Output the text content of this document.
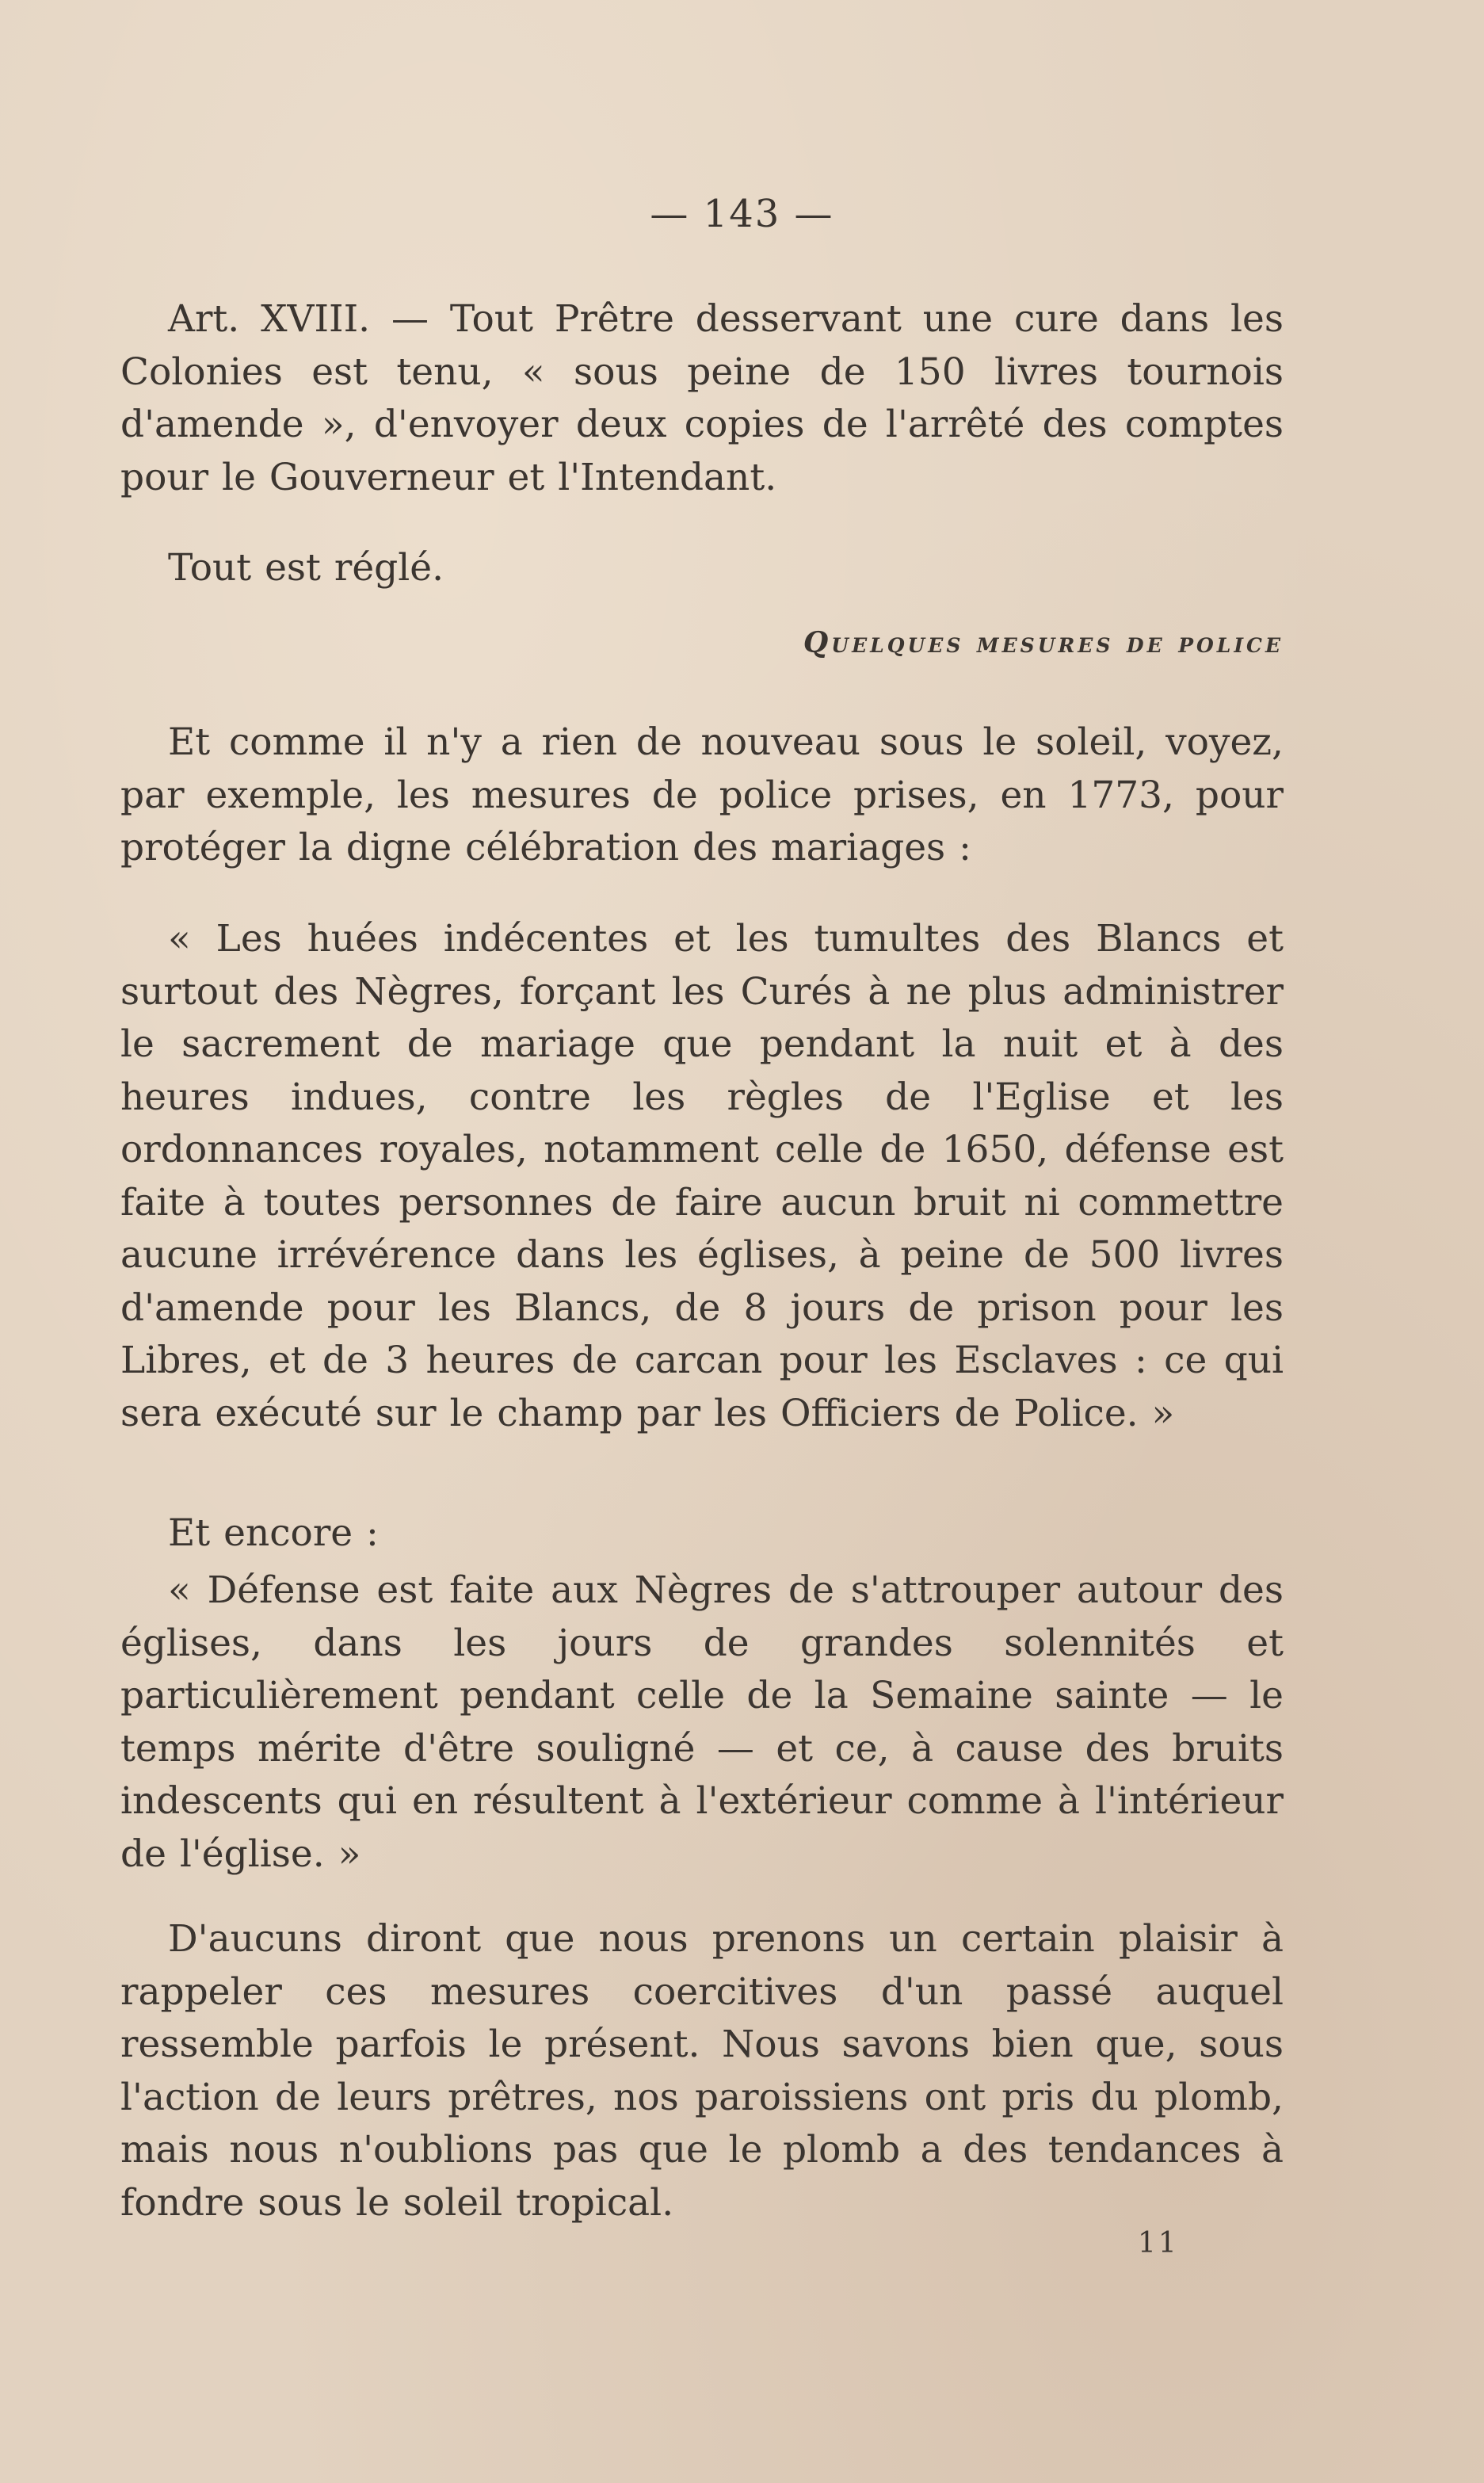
— 143 —

Art. XVIII. — Tout Prêtre desservant une cure dans les Colonies est tenu, « sous peine de 150 livres tournois d'amende », d'envoyer deux copies de l'arrêté des comptes pour le Gouverneur et l'Intendant.

Tout est réglé.

Quelques mesures de police

Et comme il n'y a rien de nouveau sous le soleil, voyez, par exemple, les mesures de police prises, en 1773, pour protéger la digne célébration des mariages :

« Les huées indécentes et les tumultes des Blancs et surtout des Nègres, forçant les Curés à ne plus administrer le sacrement de mariage que pendant la nuit et à des heures indues, contre les règles de l'Eglise et les ordonnances royales, notamment celle de 1650, défense est faite à toutes personnes de faire aucun bruit ni commettre aucune irrévérence dans les églises, à peine de 500 livres d'amende pour les Blancs, de 8 jours de prison pour les Libres, et de 3 heures de carcan pour les Esclaves : ce qui sera exécuté sur le champ par les Officiers de Police. »

Et encore :

« Défense est faite aux Nègres de s'attrouper autour des églises, dans les jours de grandes solennités et particulièrement pendant celle de la Semaine sainte — le temps mérite d'être souligné — et ce, à cause des bruits indescents qui en résultent à l'extérieur comme à l'intérieur de l'église. »

D'aucuns diront que nous prenons un certain plaisir à rappeler ces mesures coercitives d'un passé auquel ressemble parfois le présent. Nous savons bien que, sous l'action de leurs prêtres, nos paroissiens ont pris du plomb, mais nous n'oublions pas que le plomb a des tendances à fondre sous le soleil tropical.

11
